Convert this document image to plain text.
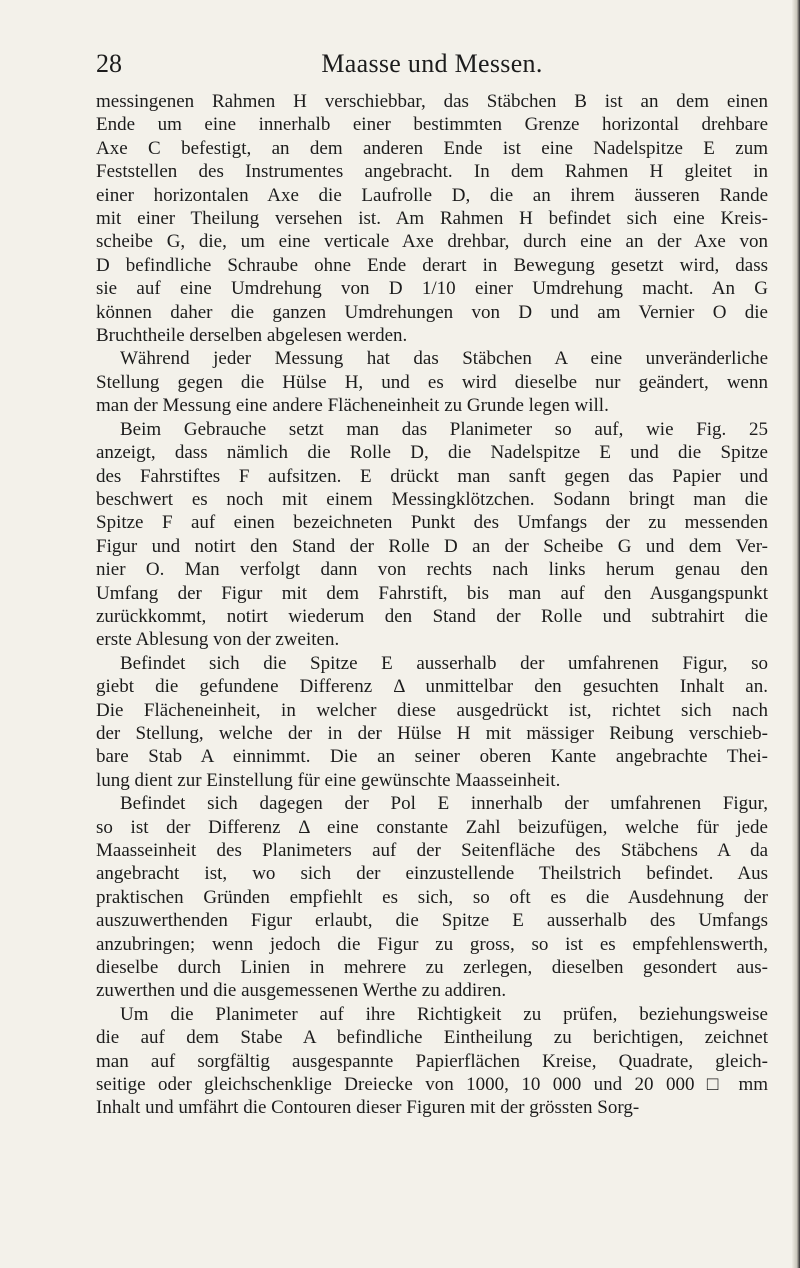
28	Maasse und Messen.
messingenen Rahmen H verschiebbar, das Stäbchen B ist an dem einen
Ende um eine innerhalb einer bestimmten Grenze horizontal drehbare
Axe C befestigt, an dem anderen Ende ist eine Nadelspitze E zum
Feststellen des Instrumentes angebracht. In dem Rahmen H gleitet in
einer horizontalen Axe die Laufrolle D, die an ihrem äusseren Rande
mit einer Theilung versehen ist. Am Rahmen H befindet sich eine Kreis-
scheibe G, die, um eine verticale Axe drehbar, durch eine an der Axe von
D befindliche Schraube ohne Ende derart in Bewegung gesetzt wird, dass
sie auf eine Umdrehung von D 1/10 einer Umdrehung macht. An G
können daher die ganzen Umdrehungen von D und am Vernier O die
Bruchtheile derselben abgelesen werden.
Während jeder Messung hat das Stäbchen A eine unveränderliche
Stellung gegen die Hülse H, und es wird dieselbe nur geändert, wenn
man der Messung eine andere Flächeneinheit zu Grunde legen will.
Beim Gebrauche setzt man das Planimeter so auf, wie Fig. 25
anzeigt, dass nämlich die Rolle D, die Nadelspitze E und die Spitze
des Fahrstiftes F aufsitzen. E drückt man sanft gegen das Papier und
beschwert es noch mit einem Messingklötzchen. Sodann bringt man die
Spitze F auf einen bezeichneten Punkt des Umfangs der zu messenden
Figur und notirt den Stand der Rolle D an der Scheibe G und dem Ver-
nier O. Man verfolgt dann von rechts nach links herum genau den
Umfang der Figur mit dem Fahrstift, bis man auf den Ausgangspunkt
zurückkommt, notirt wiederum den Stand der Rolle und subtrahirt die
erste Ablesung von der zweiten.
Befindet sich die Spitze E ausserhalb der umfahrenen Figur, so
giebt die gefundene Differenz Δ unmittelbar den gesuchten Inhalt an.
Die Flächeneinheit, in welcher diese ausgedrückt ist, richtet sich nach
der Stellung, welche der in der Hülse H mit mässiger Reibung verschieb-
bare Stab A einnimmt. Die an seiner oberen Kante angebrachte Thei-
lung dient zur Einstellung für eine gewünschte Maasseinheit.
Befindet sich dagegen der Pol E innerhalb der umfahrenen Figur,
so ist der Differenz Δ eine constante Zahl beizufügen, welche für jede
Maasseinheit des Planimeters auf der Seitenfläche des Stäbchens A da
angebracht ist, wo sich der einzustellende Theilstrich befindet. Aus
praktischen Gründen empfiehlt es sich, so oft es die Ausdehnung der
auszuwerthenden Figur erlaubt, die Spitze E ausserhalb des Umfangs
anzubringen; wenn jedoch die Figur zu gross, so ist es empfehlenswerth,
dieselbe durch Linien in mehrere zu zerlegen, dieselben gesondert aus-
zuwerthen und die ausgemessenen Werthe zu addiren.
Um die Planimeter auf ihre Richtigkeit zu prüfen, beziehungsweise
die auf dem Stabe A befindliche Eintheilung zu berichtigen, zeichnet
man auf sorgfältig ausgespannte Papierflächen Kreise, Quadrate, gleich-
seitige oder gleichschenklige Dreiecke von 1000, 10 000 und 20 000 □ mm
Inhalt und umfährt die Contouren dieser Figuren mit der grössten Sorg-
